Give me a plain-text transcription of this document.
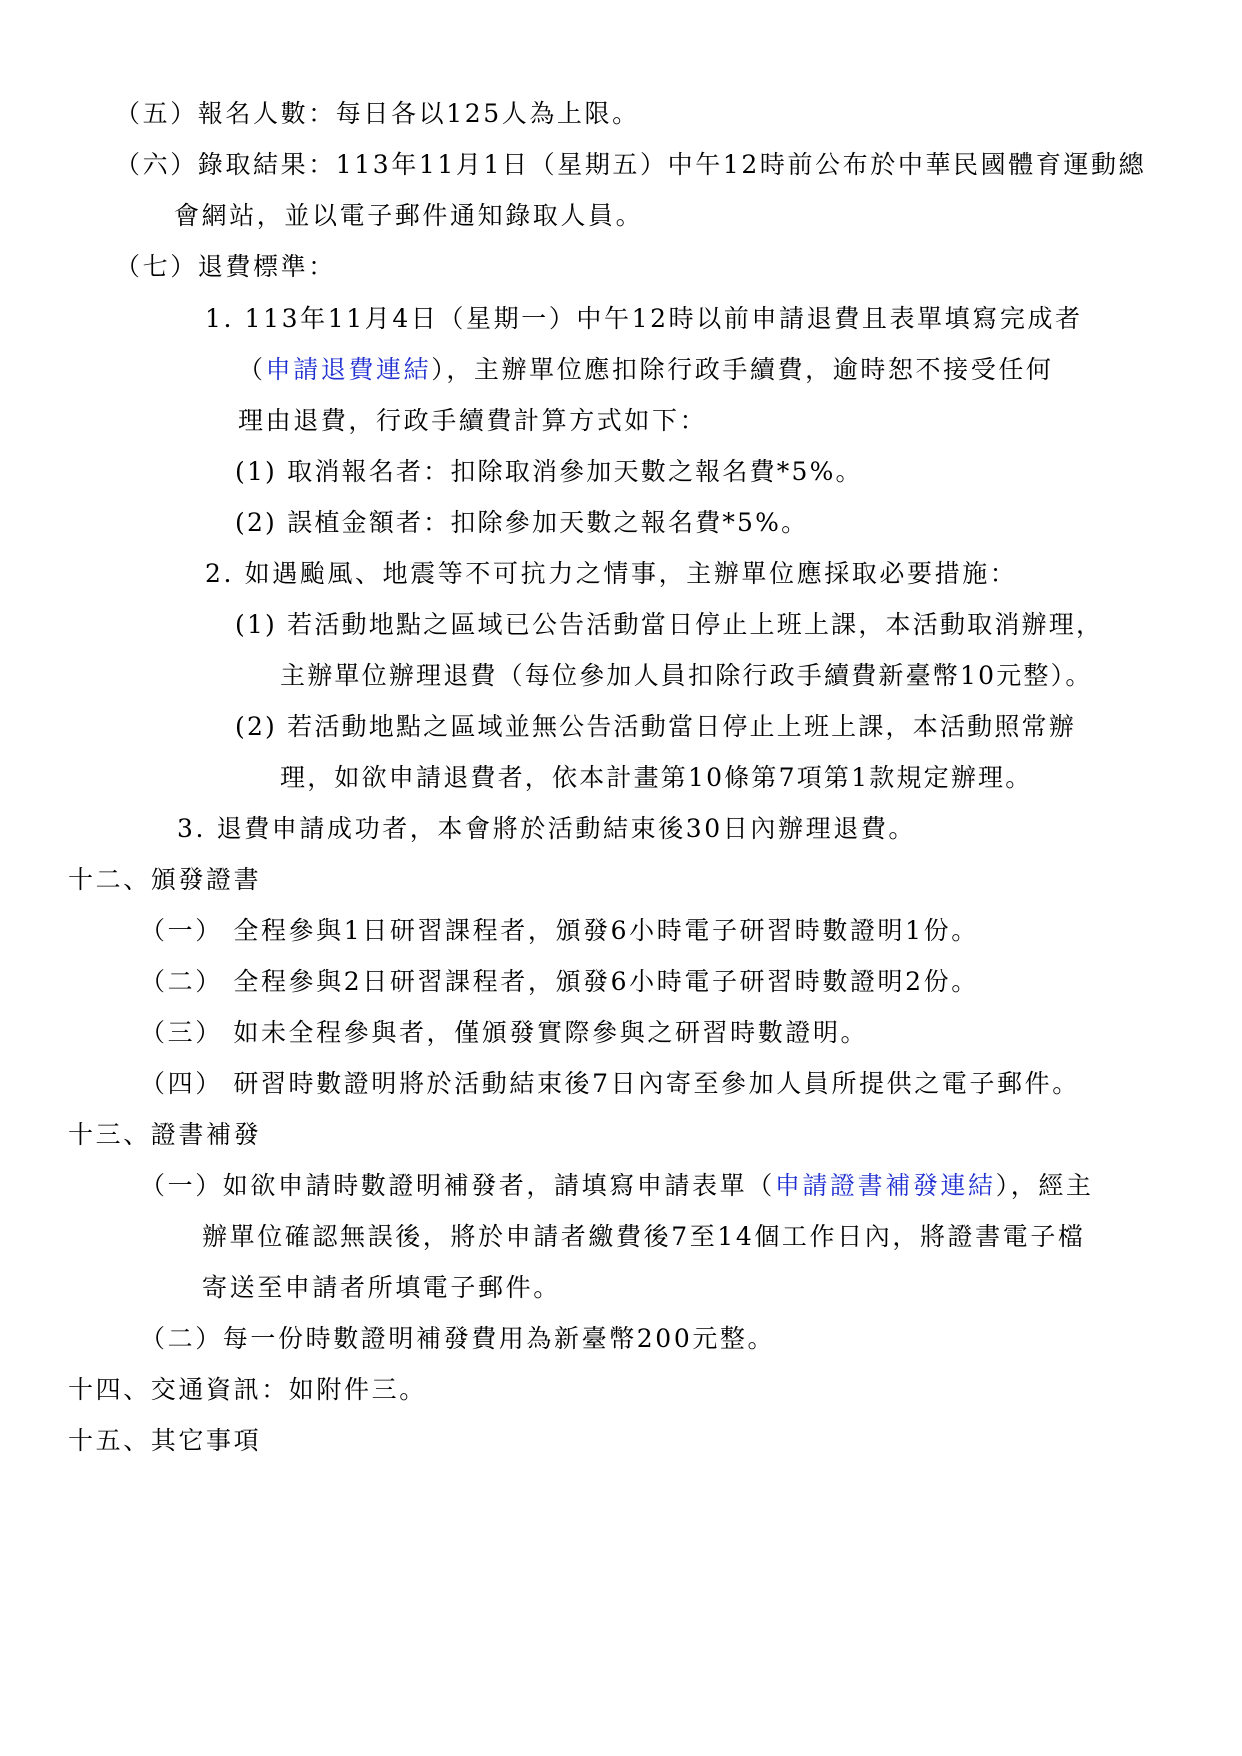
（五）報名人數：每日各以125人為上限。
（六）錄取結果：113年11月1日（星期五）中午12時前公布於中華民國體育運動總
會網站，並以電子郵件通知錄取人員。
（七）退費標準：
1. 113年11月4日（星期一）中午12時以前申請退費且表單填寫完成者
（申請退費連結），主辦單位應扣除行政手續費，逾時恕不接受任何
理由退費，行政手續費計算方式如下：
(1) 取消報名者：扣除取消參加天數之報名費*5%。
(2) 誤植金額者：扣除參加天數之報名費*5%。
2. 如遇颱風、地震等不可抗力之情事，主辦單位應採取必要措施：
(1) 若活動地點之區域已公告活動當日停止上班上課，本活動取消辦理，
主辦單位辦理退費（每位參加人員扣除行政手續費新臺幣10元整）。
(2) 若活動地點之區域並無公告活動當日停止上班上課，本活動照常辦
理，如欲申請退費者，依本計畫第10條第7項第1款規定辦理。
3. 退費申請成功者，本會將於活動結束後30日內辦理退費。
十二、頒發證書
（一） 全程參與1日研習課程者，頒發6小時電子研習時數證明1份。
（二） 全程參與2日研習課程者，頒發6小時電子研習時數證明2份。
（三） 如未全程參與者，僅頒發實際參與之研習時數證明。
（四） 研習時數證明將於活動結束後7日內寄至參加人員所提供之電子郵件。
十三、證書補發
（一）如欲申請時數證明補發者，請填寫申請表單（申請證書補發連結），經主
辦單位確認無誤後，將於申請者繳費後7至14個工作日內，將證書電子檔
寄送至申請者所填電子郵件。
（二）每一份時數證明補發費用為新臺幣200元整。
十四、交通資訊：如附件三。
十五、其它事項
